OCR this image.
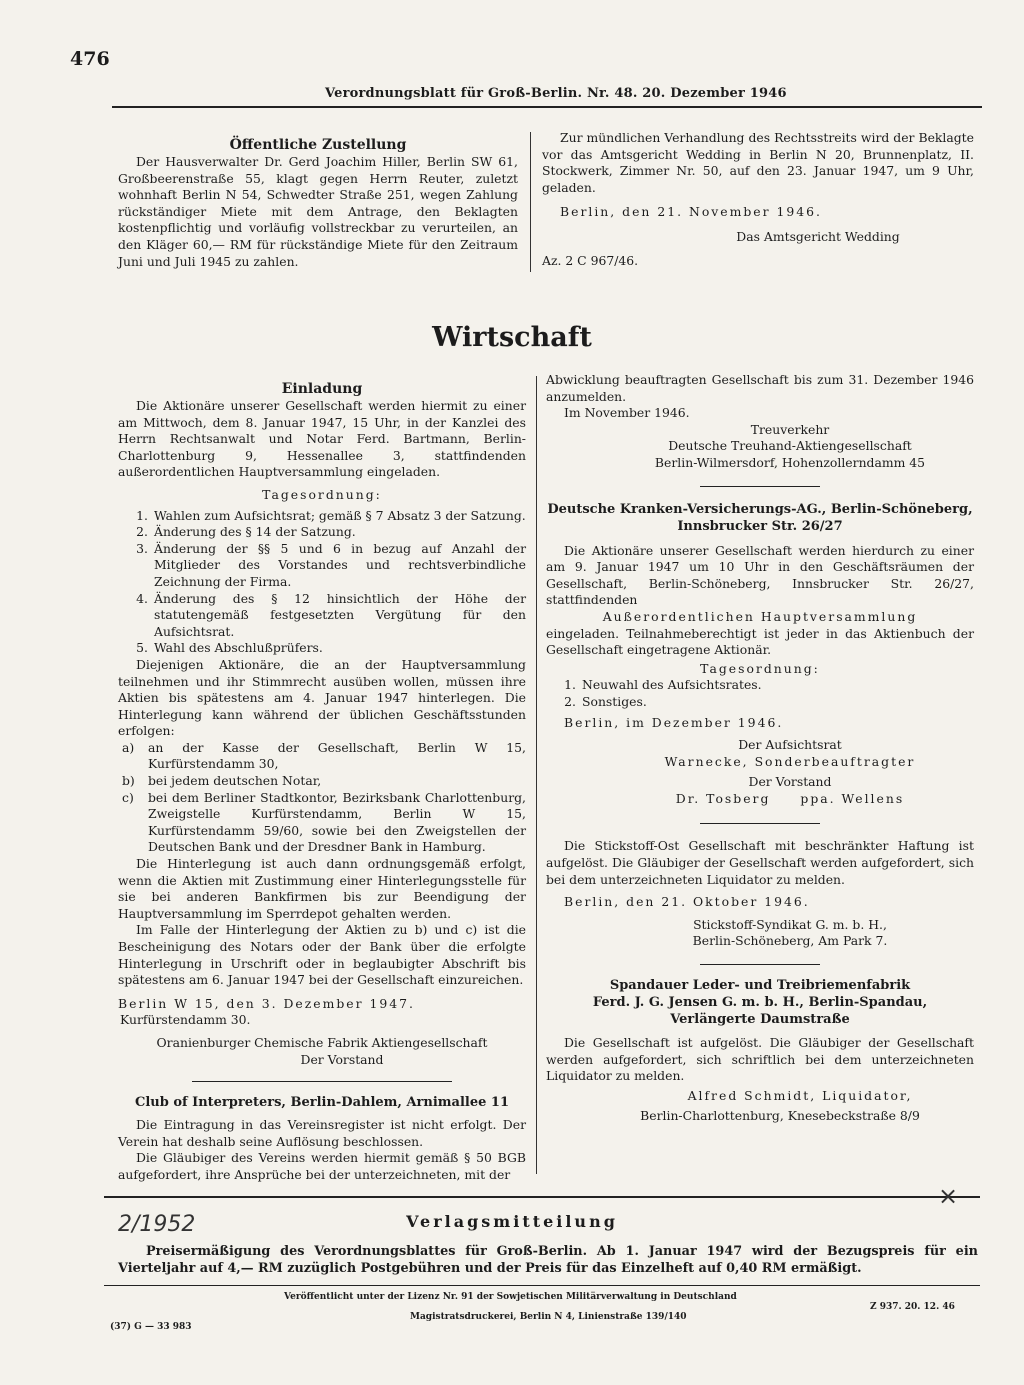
476
Verordnungsblatt für Groß-Berlin. Nr. 48. 20. Dezember 1946

Öffentliche Zustellung

Der Hausverwalter Dr. Gerd Joachim Hiller, Berlin SW 61, Großbeerenstraße 55, klagt gegen Herrn Reuter, zuletzt wohnhaft Berlin N 54, Schwedter Straße 251, wegen Zahlung rückständiger Miete mit dem Antrage, den Beklagten kostenpflichtig und vorläufig vollstreckbar zu verurteilen, an den Kläger 60,— RM für rückständige Miete für den Zeitraum Juni und Juli 1945 zu zahlen.

Zur mündlichen Verhandlung des Rechtsstreits wird der Beklagte vor das Amtsgericht Wedding in Berlin N 20, Brunnenplatz, II. Stockwerk, Zimmer Nr. 50, auf den 23. Januar 1947, um 9 Uhr, geladen.

Berlin, den 21. November 1946.

Das Amtsgericht Wedding

Az. 2 C 967/46.

Wirtschaft

Einladung

Die Aktionäre unserer Gesellschaft werden hiermit zu einer am Mittwoch, dem 8. Januar 1947, 15 Uhr, in der Kanzlei des Herrn Rechtsanwalt und Notar Ferd. Bartmann, Berlin-Charlottenburg 9, Hessenallee 3, stattfindenden außerordentlichen Hauptversammlung eingeladen.

Tagesordnung:

1. Wahlen zum Aufsichtsrat; gemäß § 7 Absatz 3 der Satzung.
2. Änderung des § 14 der Satzung.
3. Änderung der §§ 5 und 6 in bezug auf Anzahl der Mitglieder des Vorstandes und rechtsverbindliche Zeichnung der Firma.
4. Änderung des § 12 hinsichtlich der Höhe der statutengemäß festgesetzten Vergütung für den Aufsichtsrat.
5. Wahl des Abschlußprüfers.

Diejenigen Aktionäre, die an der Hauptversammlung teilnehmen und ihr Stimmrecht ausüben wollen, müssen ihre Aktien bis spätestens am 4. Januar 1947 hinterlegen. Die Hinterlegung kann während der üblichen Geschäftsstunden erfolgen:

a)	an der Kasse der Gesellschaft, Berlin W 15, Kurfürstendamm 30,
b)	bei jedem deutschen Notar,
c)	bei dem Berliner Stadtkontor, Bezirksbank Charlottenburg, Zweigstelle Kurfürstendamm, Berlin W 15, Kurfürstendamm 59/60, sowie bei den Zweigstellen der Deutschen Bank und der Dresdner Bank in Hamburg.

Die Hinterlegung ist auch dann ordnungsgemäß erfolgt, wenn die Aktien mit Zustimmung einer Hinterlegungsstelle für sie bei anderen Bankfirmen bis zur Beendigung der Hauptversammlung im Sperrdepot gehalten werden.

Im Falle der Hinterlegung der Aktien zu b) und c) ist die Bescheinigung des Notars oder der Bank über die erfolgte Hinterlegung in Urschrift oder in beglaubigter Abschrift bis spätestens am 6. Januar 1947 bei der Gesellschaft einzureichen.

Berlin W 15, den 3. Dezember 1947.

Kurfürstendamm 30.

Oranienburger Chemische Fabrik Aktiengesellschaft

Der Vorstand

Club of Interpreters, Berlin-Dahlem, Arnimallee 11

Die Eintragung in das Vereinsregister ist nicht erfolgt. Der Verein hat deshalb seine Auflösung beschlossen.

Die Gläubiger des Vereins werden hiermit gemäß § 50 BGB aufgefordert, ihre Ansprüche bei der unterzeichneten, mit der

Abwicklung beauftragten Gesellschaft bis zum 31. Dezember 1946 anzumelden.

Im November 1946.

Treuverkehr

Deutsche Treuhand-Aktiengesellschaft

Berlin-Wilmersdorf, Hohenzollerndamm 45

Deutsche Kranken-Versicherungs-AG., Berlin-Schöneberg,

Innsbrucker Str. 26/27

Die Aktionäre unserer Gesellschaft werden hierdurch zu einer am 9. Januar 1947 um 10 Uhr in den Geschäftsräumen der Gesellschaft, Berlin-Schöneberg, Innsbrucker Str. 26/27, stattfindenden

Außerordentlichen Hauptversammlung

eingeladen. Teilnahmeberechtigt ist jeder in das Aktienbuch der Gesellschaft eingetragene Aktionär.

Tagesordnung:

1. Neuwahl des Aufsichtsrates.
2. Sonstiges.

Berlin, im Dezember 1946.

Der Aufsichtsrat

Warnecke, Sonderbeauftragter

Der Vorstand

Dr. Tosberg ppa. Wellens

Die Stickstoff-Ost Gesellschaft mit beschränkter Haftung ist aufgelöst. Die Gläubiger der Gesellschaft werden aufgefordert, sich bei dem unterzeichneten Liquidator zu melden.

Berlin, den 21. Oktober 1946.

Stickstoff-Syndikat G. m. b. H.,

Berlin-Schöneberg, Am Park 7.

Spandauer Leder- und Treibriemenfabrik

Ferd. J. G. Jensen G. m. b. H., Berlin-Spandau,

Verlängerte Daumstraße

Die Gesellschaft ist aufgelöst. Die Gläubiger der Gesellschaft werden aufgefordert, sich schriftlich bei dem unterzeichneten Liquidator zu melden.

Alfred Schmidt, Liquidator,

Berlin-Charlottenburg, Knesebeckstraße 8/9

Verlagsmitteilung
Preisermäßigung des Verordnungsblattes für Groß-Berlin. Ab 1. Januar 1947 wird der Bezugspreis für ein Vierteljahr auf 4,— RM zuzüglich Postgebühren und der Preis für das Einzelheft auf 0,40 RM ermäßigt.
Veröffentlicht unter der Lizenz Nr. 91 der Sowjetischen Militärverwaltung in Deutschland
Magistratsdruckerei, Berlin N 4, Linienstraße 139/140
(37) G — 33 983
Z 937. 20. 12. 46
2/1952
×
